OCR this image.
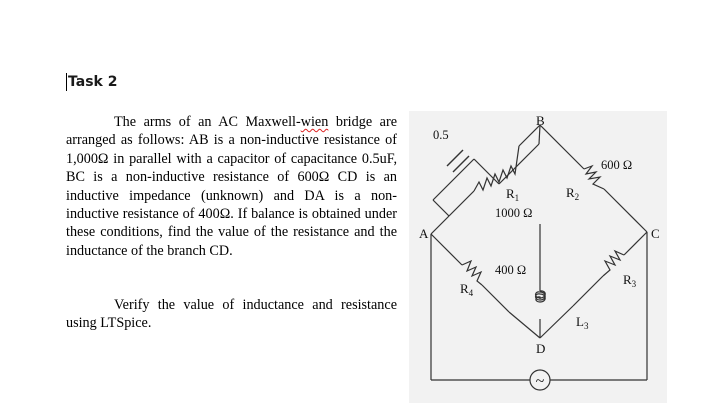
Task 2

The arms of an AC Maxwell-wien bridge are arranged as follows: AB is a non-inductive resistance of 1,000Ω in parallel with a capacitor of capacitance 0.5uF, BC is a non-inductive resistance of 600Ω CD is an inductive impedance (unknown) and DA is a non-inductive resistance of 400Ω. If balance is obtained under these conditions, find the value of the resistance and the inductance of the branch CD.

Verify the value of inductance and resistance using LTSpice.

~
A
B
C
D
0.5
$R_1$
1000 Ω
$R_2$
600 Ω
$R_3$
$R_4$
400 Ω
$L_3$
